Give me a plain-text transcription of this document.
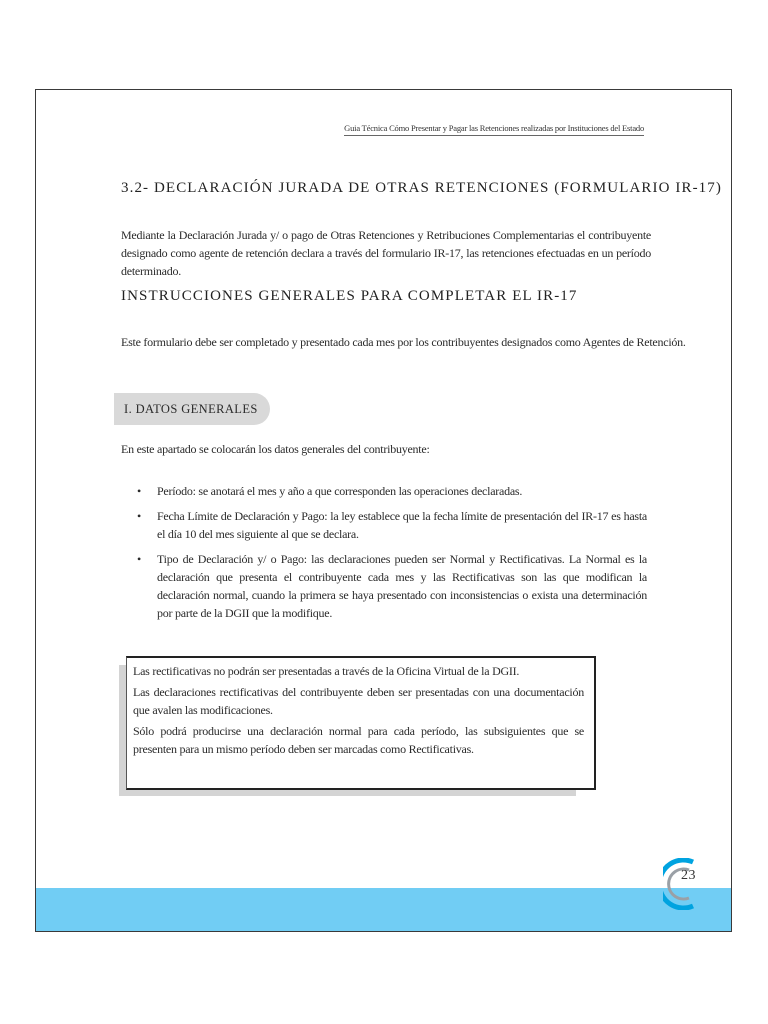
Guia Técnica Cómo Presentar y Pagar las Retenciones realizadas por Instituciones del Estado
3.2- DECLARACIÓN JURADA DE OTRAS RETENCIONES (FORMULARIO IR-17)
Mediante la Declaración Jurada y/ o pago de Otras Retenciones y Retribuciones Complementarias el contribuyente designado como agente de retención declara a través del formulario IR-17, las retenciones efectuadas en un período determinado.
INSTRUCCIONES GENERALES PARA COMPLETAR EL IR-17
Este formulario debe ser completado y presentado cada mes por los contribuyentes designados como Agentes de Retención.
I. DATOS GENERALES
En este apartado se colocarán los datos generales del contribuyente:
• Período: se anotará el mes y año a que corresponden las operaciones declaradas.
• Fecha Límite de Declaración y Pago: la ley establece que la fecha límite de presentación del IR-17 es hasta el día 10 del mes siguiente al que se declara.
• Tipo de Declaración y/ o Pago: las declaraciones pueden ser Normal y Rectificativas. La Normal es la declaración que presenta el contribuyente cada mes y las Rectificativas son las que modifican la declaración normal, cuando la primera se haya presentado con inconsistencias o exista una determinación por parte de la DGII que la modifique.

Las rectificativas no podrán ser presentadas a través de la Oficina Virtual de la DGII.

Las declaraciones rectificativas del contribuyente deben ser presentadas con una documentación que avalen las modificaciones.

Sólo podrá producirse una declaración normal para cada período, las subsiguientes que se presenten para un mismo período deben ser marcadas como Rectificativas.

23
